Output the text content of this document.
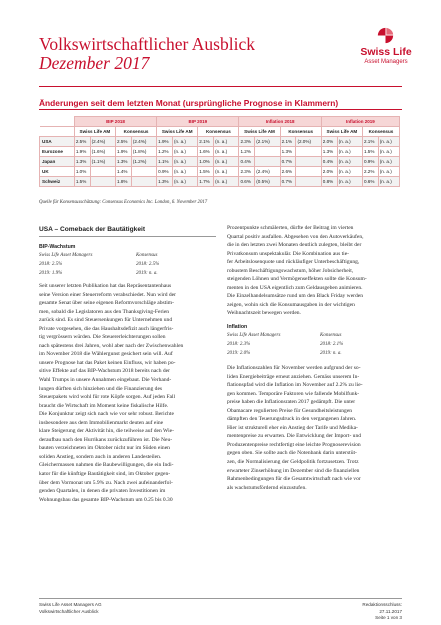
Volkswirtschaftlicher Ausblick
Dezember 2017
Swiss Life
Asset Managers
Änderungen seit dem letzten Monat (ursprüngliche Prognose in Klammern)
	BIP 2018				BIP 2019				Inflation 2018				Inflation 2019			
	Swiss Life AM		Konsensus		Swiss Life AM		Konsensus		Swiss Life AM		Konsensus		Swiss Life AM		Konsensus	
USA	2.5%	(2.4%)	2.5%	(2.4%)	1.9%	(n. a.)	2.1%	(n. a.)	2.3%	(2.1%)	2.1%	(2.0%)	2.0%	(n. a.)	2.1%	(n. a.)
Eurozone	1.9%	(1.6%)	1.9%	(1.8%)	1.2%	(n. a.)	1.6%	(n. a.)	1.2%		1.3%		1.3%	(n. a.)	1.5%	(n. a.)
Japan	1.3%	(1.1%)	1.3%	(1.2%)	1.1%	(n. a.)	1.0%	(n. a.)	0.4%		0.7%		0.4%	(n. a.)	0.9%	(n. a.)
UK	1.0%		1.4%		0.9%	(n. a.)	1.5%	(n. a.)	2.3%	(2.4%)	2.6%		2.0%	(n. a.)	2.2%	(n. a.)
Schweiz	1.5%		1.8%		1.3%	(n. a.)	1.7%	(n. a.)	0.6%	(0.5%)	0.7%		0.8%	(n. a.)	0.6%	(n. a.)
Quelle für Konsensusschätzung: Consensus Economics Inc. London, 6. November 2017
USA – Comeback der Bautätigkeit
BIP-Wachstum
Swiss Life Asset Managers	Konsensus
2018: 2.5%	2018: 2.5%
2019: 1.9%	2019: n. a.
Seit unserer letzten Publikation hat das Repräsentantenhaus
seine Version einer Steuerreform verabschiedet. Nun wird der
gesamte Senat über seine eigenen Reformvorschläge abstim-
men, sobald die Legislatoren aus den Thanksgiving-Ferien
zurück sind. Es sind Steuersenkungen für Unternehmen und
Private vorgesehen, die das Haushaltsdefizit auch längerfris-
tig vergrössern würden. Die Steuererleichterungen sollen
nach spätestens drei Jahren, wohl aber nach der Zwischenwahlen
im November 2018 die Wählergunst gesichert sein will. Auf
unsere Prognose hat das Paket keinen Einfluss, wir haben po-
sitive Effekte auf das BIP-Wachstum 2018 bereits nach der
Wahl Trumps in unsere Annahmen eingebaut. Die Verhand-
lungen dürften sich hinziehen und die Finanzierung des
Steuerpakets wird wohl für rote Köpfe sorgen. Auf jeden Fall
braucht die Wirtschaft im Moment keine fiskalische Hilfe.
Die Konjunktur zeigt sich nach wie vor sehr robust. Berichte
insbesondere aus dem Immobilienmarkt deuten auf eine
klare Steigerung der Aktivität hin, die teilweise auf den Wie-
deraufbau nach den Hurrikans zurückzuführen ist. Die Neu-
bauten verzeichneten im Oktober nicht nur im Süden einen
soliden Anstieg, sondern auch in anderen Landesteilen.
Gleichermassen nahmen die Baubewilligungen, die ein Indi-
kator für die künftige Bautätigkeit sind, im Oktober gegen-
über dem Vormonat um 5.9% zu. Nach zwei aufeinanderfol-
genden Quartalen, in denen die privaten Investitionen im
Wohnungsbau das gesamte BIP-Wachstum um 0.25 bis 0.30
Prozentpunkte schmälerten, dürfte der Beitrag im vierten
Quartal positiv ausfallen. Abgesehen von den Autoverkäufen,
die in den letzten zwei Monaten deutlich zulegten, bleibt der
Privatkonsum unspektakulär. Die Kombination aus tie-
fer Arbeitslosenquote und rückläufiger Unterbeschäftigung,
robustem Beschäftigungswachstum, höher Jobsicherheit,
steigenden Löhnen und Vermögenseffekten sollte die Konsum-
menten in den USA eigentlich zum Geldausgeben animieren.
Die Einzelhandelsumsätze rund um den Black Friday werden
zeigen, wohin sich die Konsumausgaben in der wichtigen
Weihnachtszeit bewegen werden.
Inflation
Swiss Life Asset Managers	Konsensus
2018: 2.3%	2018: 2.1%
2019: 2.0%	2019: n. a.
Die Inflationszahlen für November werden aufgrund der so-
liden Energiebeiträge erneut anziehen. Gemäss unserem In-
flationspfad wird die Inflation im November auf 2.2% zu lie-
gen kommen. Temporäre Faktoren wie fallende Mobilfunk-
preise haben die Inflationsraten 2017 gedämpft. Die unter
Obamacare regulierten Preise für Gesundheitsleistungen
dämpften den Teuerungsdruck in den vergangenen Jahren.
Hier ist strukturell eher ein Anstieg der Tarife und Medika-
mentenpreise zu erwarten. Die Entwicklung der Import- und
Produzentenpreise rechtfertigt eine leichte Prognoserevision
gegen oben. Sie sollte auch die Notenbank darin unterstüt-
zen, die Normalisierung der Geldpolitik fortzusetzen. Trotz
erwarteter Zinserhöhung im Dezember sind die finanziellen
Rahmenbedingungen für die Gesamtwirtschaft nach wie vor
als wachstumsfördernd einzustufen.
Swiss Life Asset Managers AG
Volkswirtschaftlicher Ausblick
Redaktionsschluss: 27.11.2017
Seite 1 von 3
